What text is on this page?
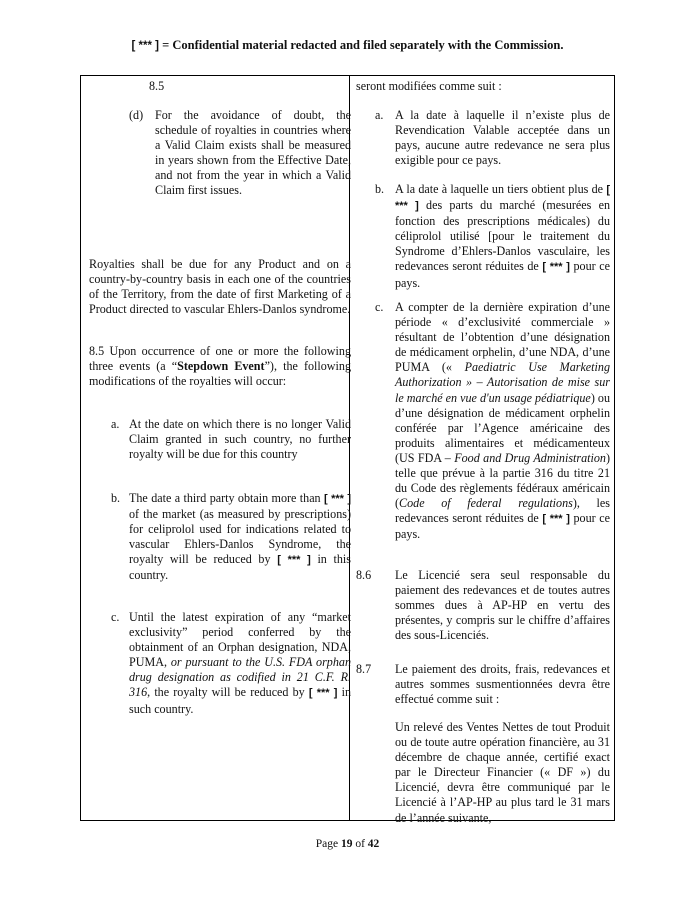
[ *** ] = Confidential material redacted and filed separately with the Commission.
8.5
(d) For the avoidance of doubt, the schedule of royalties in countries where a Valid Claim exists shall be measured in years shown from the Effective Date, and not from the year in which a Valid Claim first issues.
Royalties shall be due for any Product and on a country-by-country basis in each one of the countries of the Territory, from the date of first Marketing of a Product directed to vascular Ehlers-Danlos syndrome.
8.5 Upon occurrence of one or more the following three events (a “Stepdown Event”), the following modifications of the royalties will occur:
a. At the date on which there is no longer Valid Claim granted in such country, no further royalty will be due for this country
b. The date a third party obtain more than [ *** ] of the market (as measured by prescriptions) for celiprolol used for indications related to vascular Ehlers-Danlos Syndrome, the royalty will be reduced by [ *** ] in this country.
c. Until the latest expiration of any “market exclusivity” period conferred by the obtainment of an Orphan designation, NDA, PUMA, or pursuant to the U.S. FDA orphan drug designation as codified in 21 C.F. R. 316, the royalty will be reduced by [ *** ] in such country.
seront modifiées comme suit :
a. A la date à laquelle il n’existe plus de Revendication Valable acceptée dans un pays, aucune autre redevance ne sera plus exigible pour ce pays.
b. A la date à laquelle un tiers obtient plus de [ *** ] des parts du marché (mesurées en fonction des prescriptions médicales) du céliprolol utilisé [pour le traitement du Syndrome d’Ehlers-Danlos vasculaire, les redevances seront réduites de [ *** ] pour ce pays.
c. A compter de la dernière expiration d’une période « d’exclusivité commerciale » résultant de l’obtention d’une désignation de médicament orphelin, d’une NDA, d’une PUMA (« Paediatric Use Marketing Authorization » – Autorisation de mise sur le marché en vue d'un usage pédiatrique) ou d’une désignation de médicament orphelin conférée par l’Agence américaine des produits alimentaires et médicamenteux (US FDA – Food and Drug Administration) telle que prévue à la partie 316 du titre 21 du Code des règlements fédéraux américain (Code of federal regulations), les redevances seront réduites de [ *** ] pour ce pays.
8.6 Le Licencié sera seul responsable du paiement des redevances et de toutes autres sommes dues à AP-HP en vertu des présentes, y compris sur le chiffre d’affaires des sous-Licenciés.
8.7 Le paiement des droits, frais, redevances et autres sommes susmentionnées devra être effectué comme suit :
Un relevé des Ventes Nettes de tout Produit ou de toute autre opération financière, au 31 décembre de chaque année, certifié exact par le Directeur Financier (« DF ») du Licencié, devra être communiqué par le Licencié à l’AP-HP au plus tard le 31 mars de l’année suivante,
Page 19 of 42
